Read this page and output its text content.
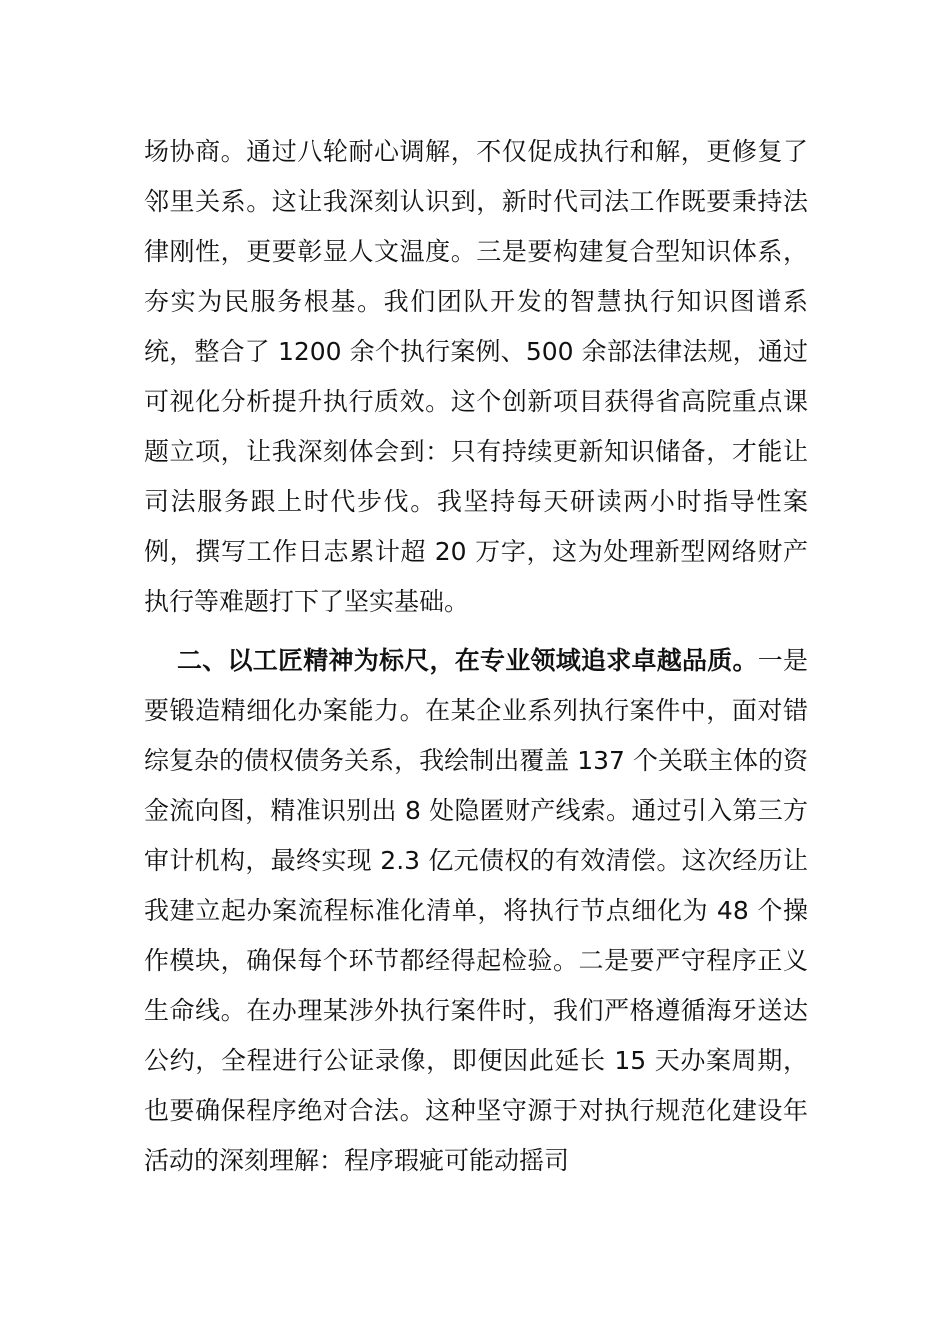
场协商。通过八轮耐心调解，不仅促成执行和解，更修复了邻里关系。这让我深刻认识到，新时代司法工作既要秉持法律刚性，更要彰显人文温度。三是要构建复合型知识体系，夯实为民服务根基。我们团队开发的智慧执行知识图谱系统，整合了 1200 余个执行案例、500 余部法律法规，通过可视化分析提升执行质效。这个创新项目获得省高院重点课题立项，让我深刻体会到：只有持续更新知识储备，才能让司法服务跟上时代步伐。我坚持每天研读两小时指导性案例，撰写工作日志累计超 20 万字，这为处理新型网络财产执行等难题打下了坚实基础。

二、以工匠精神为标尺，在专业领域追求卓越品质。一是要锻造精细化办案能力。在某企业系列执行案件中，面对错综复杂的债权债务关系，我绘制出覆盖 137 个关联主体的资金流向图，精准识别出 8 处隐匿财产线索。通过引入第三方审计机构，最终实现 2.3 亿元债权的有效清偿。这次经历让我建立起办案流程标准化清单，将执行节点细化为 48 个操作模块，确保每个环节都经得起检验。二是要严守程序正义生命线。在办理某涉外执行案件时，我们严格遵循海牙送达公约，全程进行公证录像，即便因此延长 15 天办案周期，也要确保程序绝对合法。这种坚守源于对执行规范化建设年活动的深刻理解：程序瑕疵可能动摇司
